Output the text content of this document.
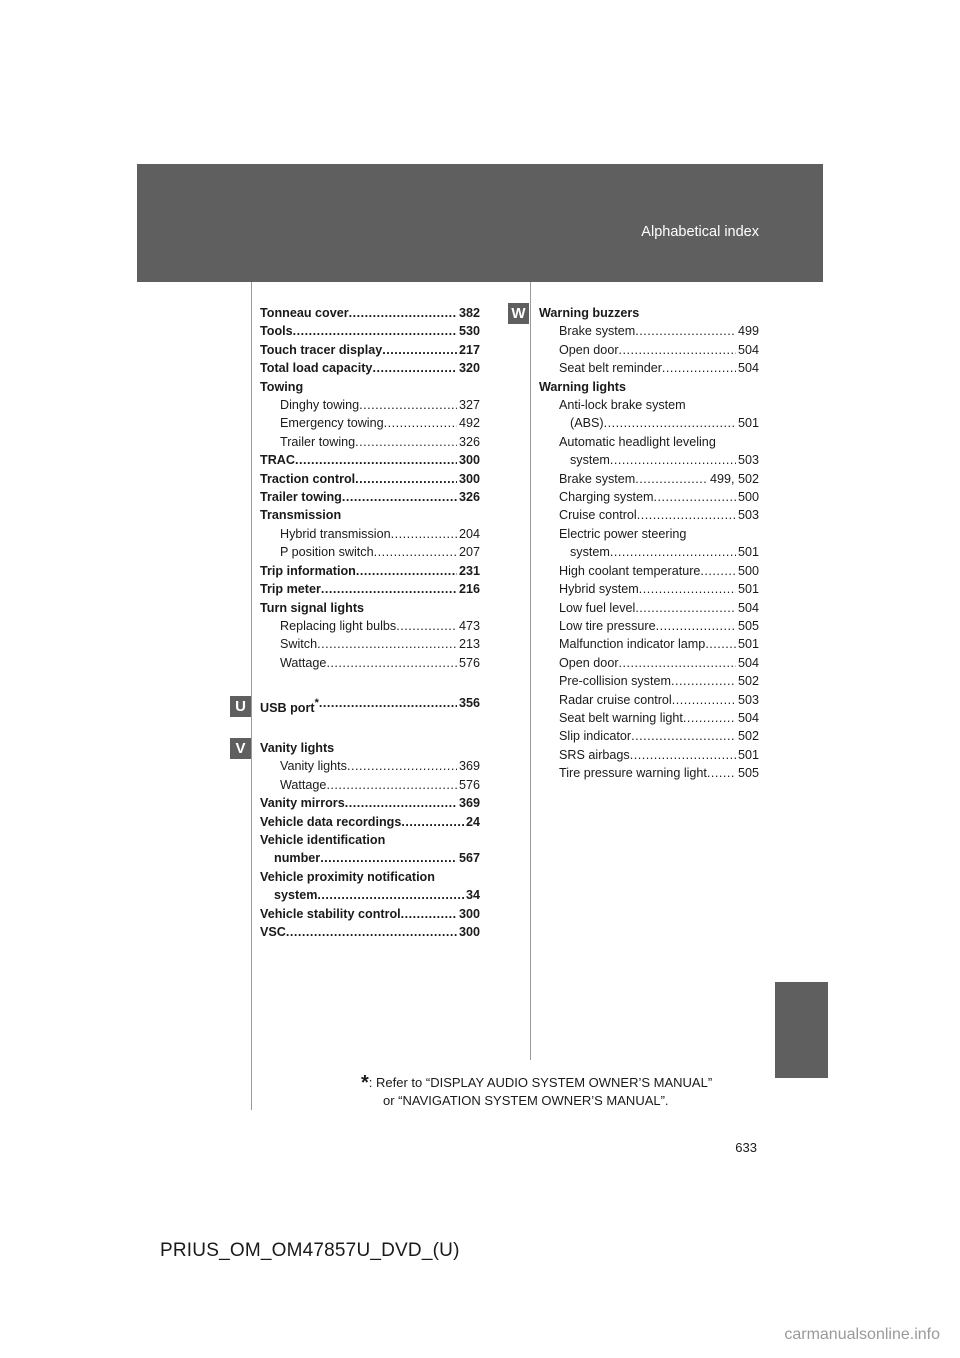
Alphabetical index
U
V
W
Tonneau cover . . .	382
Tools . . .	530
Touch tracer display . . .	217
Total load capacity . . .	320
Towing
Dinghy towing . . .	327
Emergency towing . . .	492
Trailer towing . . .	326
TRAC . . .	300
Traction control . . .	300
Trailer towing . . .	326
Transmission
Hybrid transmission . . .	204
P position switch . . .	207
Trip information . . .	231
Trip meter . . .	216
Turn signal lights
Replacing light bulbs . . .	473
Switch . . .	213
Wattage . . .	576
USB port* . . .	356
Vanity lights
Vanity lights . . .	369
Wattage . . .	576
Vanity mirrors . . .	369
Vehicle data recordings . . .	24
Vehicle identification
number . . .	567
Vehicle proximity notification
system . . .	34
Vehicle stability control . . .	300
VSC . . .	300
Warning buzzers
Brake system . . .	499
Open door . . .	504
Seat belt reminder . . .	504
Warning lights
Anti-lock brake system
(ABS) . . .	501
Automatic headlight leveling
system . . .	503
Brake system . . .	499, 502
Charging system . . .	500
Cruise control . . .	503
Electric power steering
system . . .	501
High coolant temperature . . .	500
Hybrid system . . .	501
Low fuel level . . .	504
Low tire pressure . . .	505
Malfunction indicator lamp . . .	501
Open door . . .	504
Pre-collision system . . .	502
Radar cruise control . . .	503
Seat belt warning light . . .	504
Slip indicator . . .	502
SRS airbags . . .	501
Tire pressure warning light . . . 505
*: Refer to “DISPLAY AUDIO SYSTEM OWNER’S MANUAL”
or “NAVIGATION SYSTEM OWNER’S MANUAL”.
633
PRIUS_OM_OM47857U_DVD_(U)
carmanualsonline.info
